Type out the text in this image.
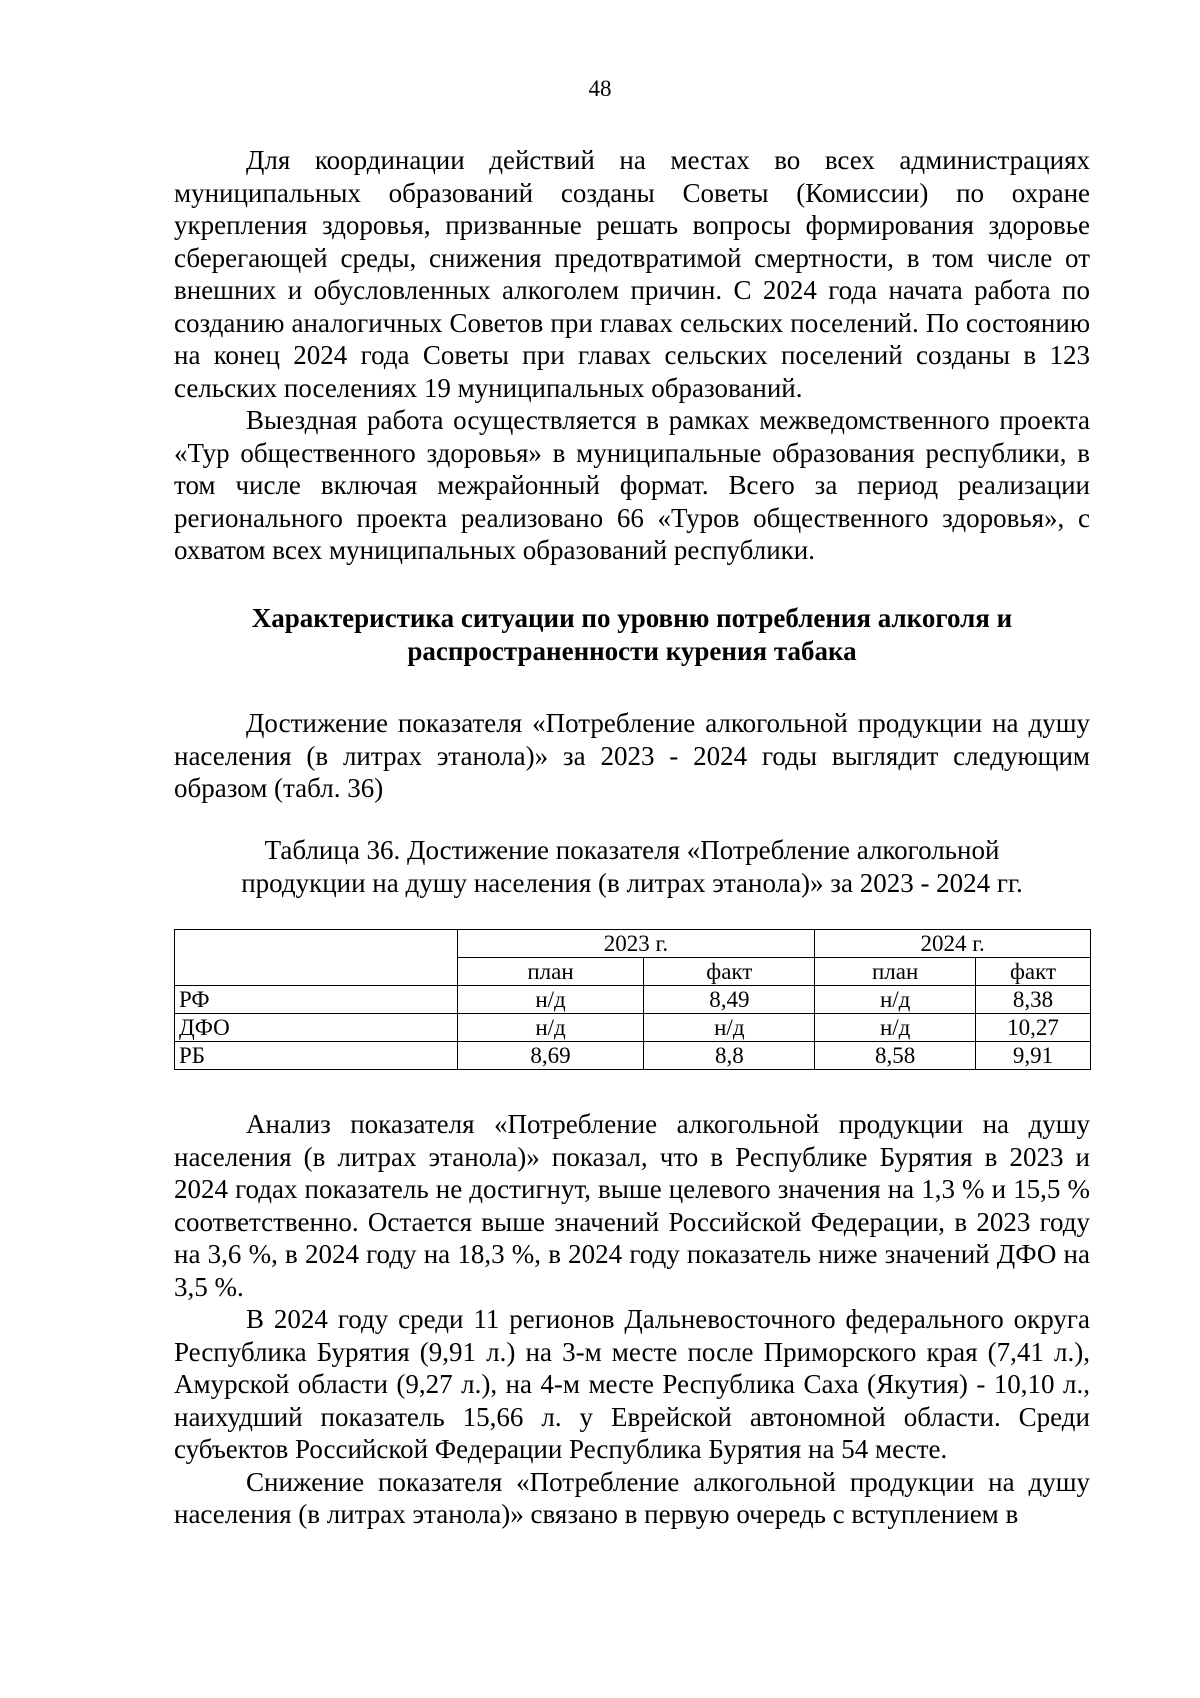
48

Для координации действий на местах во всех администрациях муниципальных образований созданы Советы (Комиссии) по охране укрепления здоровья, призванные решать вопросы формирования здоровье сберегающей среды, снижения предотвратимой смертности, в том числе от внешних и обусловленных алкоголем причин. С 2024 года начата работа по созданию аналогичных Советов при главах сельских поселений. По состоянию на конец 2024 года Советы при главах сельских поселений созданы в 123 сельских поселениях 19 муниципальных образований.

Выездная работа осуществляется в рамках межведомственного проекта «Тур общественного здоровья» в муниципальные образования республики, в том числе включая межрайонный формат. Всего за период реализации регионального проекта реализовано 66 «Туров общественного здоровья», с охватом всех муниципальных образований республики.

Характеристика ситуации по уровню потребления алкоголя и
распространенности курения табака

Достижение показателя «Потребление алкогольной продукции на душу населения (в литрах этанола)» за 2023 - 2024 годы выглядит следующим образом (табл. 36)

Таблица 36. Достижение показателя «Потребление алкогольной
продукции на душу населения (в литрах этанола)» за 2023 - 2024 гг.
	2023 г.		2024 г.	
	план	факт	план	факт
РФ	н/д	8,49	н/д	8,38
ДФО	н/д	н/д	н/д	10,27
РБ	8,69	8,8	8,58	9,91

Анализ показателя «Потребление алкогольной продукции на душу населения (в литрах этанола)» показал, что в Республике Бурятия в 2023 и 2024 годах показатель не достигнут, выше целевого значения на 1,3 % и 15,5 % соответственно. Остается выше значений Российской Федерации, в 2023 году на 3,6 %, в 2024 году на 18,3 %, в 2024 году показатель ниже значений ДФО на 3,5 %.

В 2024 году среди 11 регионов Дальневосточного федерального округа Республика Бурятия (9,91 л.) на 3-м месте после Приморского края (7,41 л.), Амурской области (9,27 л.), на 4-м месте Республика Саха (Якутия) - 10,10 л., наихудший показатель 15,66 л. у Еврейской автономной области. Среди субъектов Российской Федерации Республика Бурятия на 54 месте.

Снижение показателя «Потребление алкогольной продукции на душу населения (в литрах этанола)» связано в первую очередь с вступлением в
